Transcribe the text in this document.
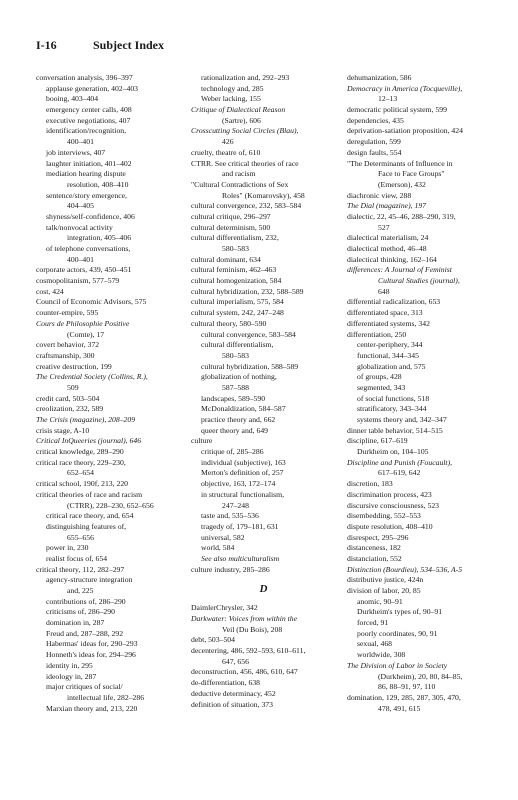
I-16	Subject Index
conversation analysis, 396–397
applause generation, 402–403
booing, 403–404
emergency center calls, 408
executive negotiations, 407
identification/recognition,
400–401
job interviews, 407
laughter initiation, 401–402
mediation hearing dispute
resolution, 408–410
sentence/story emergence,
404–405
shyness/self-confidence, 406
talk/nonvocal activity
integration, 405–406
of telephone conversations,
400–401
corporate actors, 439, 450–451
cosmopolitanism, 577–579
cost, 424
Council of Economic Advisors, 575
counter-empire, 595
Cours de Philosophie Positive
(Comte), 17
covert behavior, 372
craftsmanship, 300
creative destruction, 199
The Credential Society (Collins, R.),
509
credit card, 503–504
creolization, 232, 589
The Crisis (magazine), 208–209
crisis stage, A-10
Critical InQueeries (journal), 646
critical knowledge, 289–290
critical race theory, 229–230,
652–654
critical school, 190f, 213, 220
critical theories of race and racism
(CTRR), 228–230, 652–656
critical race theory, and, 654
distinguishing features of,
655–656
power in, 230
realist focus of, 654
critical theory, 112, 282–297
agency-structure integration
and, 225
contributions of, 286–290
criticisms of, 286–290
domination in, 287
Freud and, 287–288, 292
Habermas' ideas for, 290–293
Honneth's ideas for, 294–296
identity in, 295
ideology in, 287
major critiques of social/
intellectual life, 282–286
Marxian theory and, 213, 220
rationalization and, 292–293
technology and, 285
Weber lacking, 155
Critique of Dialectical Reason
(Sartre), 606
Crosscutting Social Circles (Blau),
426
cruelty, theatre of, 610
CTRR. See critical theories of race
and racism
"Cultural Contradictions of Sex
Roles" (Komarovsky), 458
cultural convergence, 232, 583–584
cultural critique, 296–297
cultural determinism, 500
cultural differentialism, 232,
580–583
cultural dominant, 634
cultural feminism, 462–463
cultural homogenization, 584
cultural hybridization, 232, 588–589
cultural imperialism, 575, 584
cultural system, 242, 247–248
cultural theory, 580–590
cultural convergence, 583–584
cultural differentialism,
580–583
cultural hybridization, 588–589
globalization of nothing,
587–588
landscapes, 589–590
McDonaldization, 584–587
practice theory and, 662
queer theory and, 649
culture
critique of, 285–286
individual (subjective), 163
Merton's definition of, 257
objective, 163, 172–174
in structural functionalism,
247–248
taste and, 535–536
tragedy of, 179–181, 631
universal, 582
world, 584
See also multiculturalism
culture industry, 285–286
D
DaimlerChrysler, 342
Darkwater: Voices from within the
Veil (Du Bois), 208
debt, 503–504
decentering, 486, 592–593, 610–611,
647, 656
deconstruction, 456, 486, 610, 647
de-differentiation, 638
deductive determinacy, 452
definition of situation, 373
dehumanization, 586
Democracy in America (Tocqueville),
12–13
democratic political system, 599
dependencies, 435
deprivation-satiation proposition, 424
deregulation, 599
design faults, 554
"The Determinants of Influence in
Face to Face Groups"
(Emerson), 432
diachronic view, 288
The Dial (magazine), 197
dialectic, 22, 45–46, 288–290, 319,
527
dialectical materialism, 24
dialectical method, 46–48
dialectical thinking, 162–164
differences: A Journal of Feminist
Cultural Studies (journal),
648
differential radicalization, 653
differentiated space, 313
differentiated systems, 342
differentiation, 250
center-periphery, 344
functional, 344–345
globalization and, 575
of groups, 428
segmented, 343
of social functions, 518
stratificatory, 343–344
systems theory and, 342–347
dinner table behavior, 514–515
discipline, 617–619
Durkheim on, 104–105
Discipline and Punish (Foucault),
617–619, 642
discretion, 183
discrimination process, 423
discursive consciousness, 523
disembedding, 552–553
dispute resolution, 408–410
disrespect, 295–296
distanceness, 182
distanciation, 552
Distinction (Bourdieu), 534–536, A-5
distributive justice, 424n
division of labor, 20, 85
anomic, 90–91
Durkheim's types of, 90–91
forced, 91
poorly coordinates, 90, 91
sexual, 468
worldwide, 308
The Division of Labor in Society
(Durkheim), 20, 80, 84–85,
86, 88–91, 97, 110
domination, 129, 285, 287, 305, 470,
478, 491, 615
